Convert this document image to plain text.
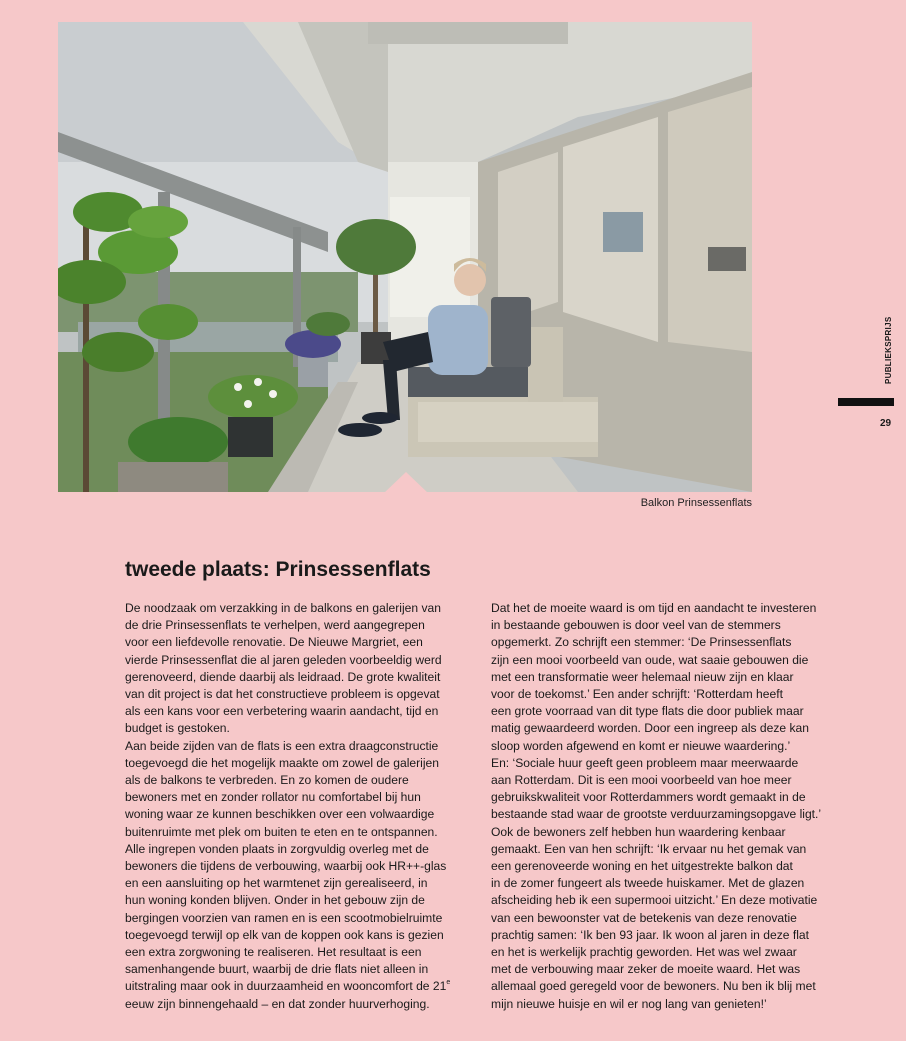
Balkon Prinsessenflats
PUBLIEKSPRIJS
29
tweede plaats: Prinsessenflats
De noodzaak om verzakking in de balkons en galerijen van
de drie Prinsessenflats te verhelpen, werd aangegrepen
voor een liefdevolle renovatie. De Nieuwe Margriet, een
vierde Prinsessenflat die al jaren geleden voorbeeldig werd
gerenoveerd, diende daarbij als leidraad. De grote kwaliteit
van dit project is dat het constructieve probleem is opgevat
als een kans voor een verbetering waarin aandacht, tijd en
budget is gestoken.
Aan beide zijden van de flats is een extra draagconstructie
toegevoegd die het mogelijk maakte om zowel de galerijen
als de balkons te verbreden. En zo komen de oudere
bewoners met en zonder rollator nu comfortabel bij hun
woning waar ze kunnen beschikken over een volwaardige
buitenruimte met plek om buiten te eten en te ontspannen.
Alle ingrepen vonden plaats in zorgvuldig overleg met de
bewoners die tijdens de verbouwing, waarbij ook HR++-glas
en een aansluiting op het warmtenet zijn gerealiseerd, in
hun woning konden blijven. Onder in het gebouw zijn de
bergingen voorzien van ramen en is een scootmobielruimte
toegevoegd terwijl op elk van de koppen ook kans is gezien
een extra zorgwoning te realiseren. Het resultaat is een
samenhangende buurt, waarbij de drie flats niet alleen in
uitstraling maar ook in duurzaamheid en wooncomfort de 21e
eeuw zijn binnengehaald – en dat zonder huurverhoging.
Dat het de moeite waard is om tijd en aandacht te investeren
in bestaande gebouwen is door veel van de stemmers
opgemerkt. Zo schrijft een stemmer: ‘De Prinsessenflats
zijn een mooi voorbeeld van oude, wat saaie gebouwen die
met een transformatie weer helemaal nieuw zijn en klaar
voor de toekomst.’ Een ander schrijft: ‘Rotterdam heeft
een grote voorraad van dit type flats die door publiek maar
matig gewaardeerd worden. Door een ingreep als deze kan
sloop worden afgewend en komt er nieuwe waardering.’
En: ‘Sociale huur geeft geen probleem maar meerwaarde
aan Rotterdam. Dit is een mooi voorbeeld van hoe meer
gebruikskwaliteit voor Rotterdammers wordt gemaakt in de
bestaande stad waar de grootste verduurzamingsopgave ligt.’
Ook de bewoners zelf hebben hun waardering kenbaar
gemaakt. Een van hen schrijft: ‘Ik ervaar nu het gemak van
een gerenoveerde woning en het uitgestrekte balkon dat
in de zomer fungeert als tweede huiskamer. Met de glazen
afscheiding heb ik een supermooi uitzicht.’ En deze motivatie
van een bewoonster vat de betekenis van deze renovatie
prachtig samen: ‘Ik ben 93 jaar. Ik woon al jaren in deze flat
en het is werkelijk prachtig geworden. Het was wel zwaar
met de verbouwing maar zeker de moeite waard. Het was
allemaal goed geregeld voor de bewoners. Nu ben ik blij met
mijn nieuwe huisje en wil er nog lang van genieten!’
